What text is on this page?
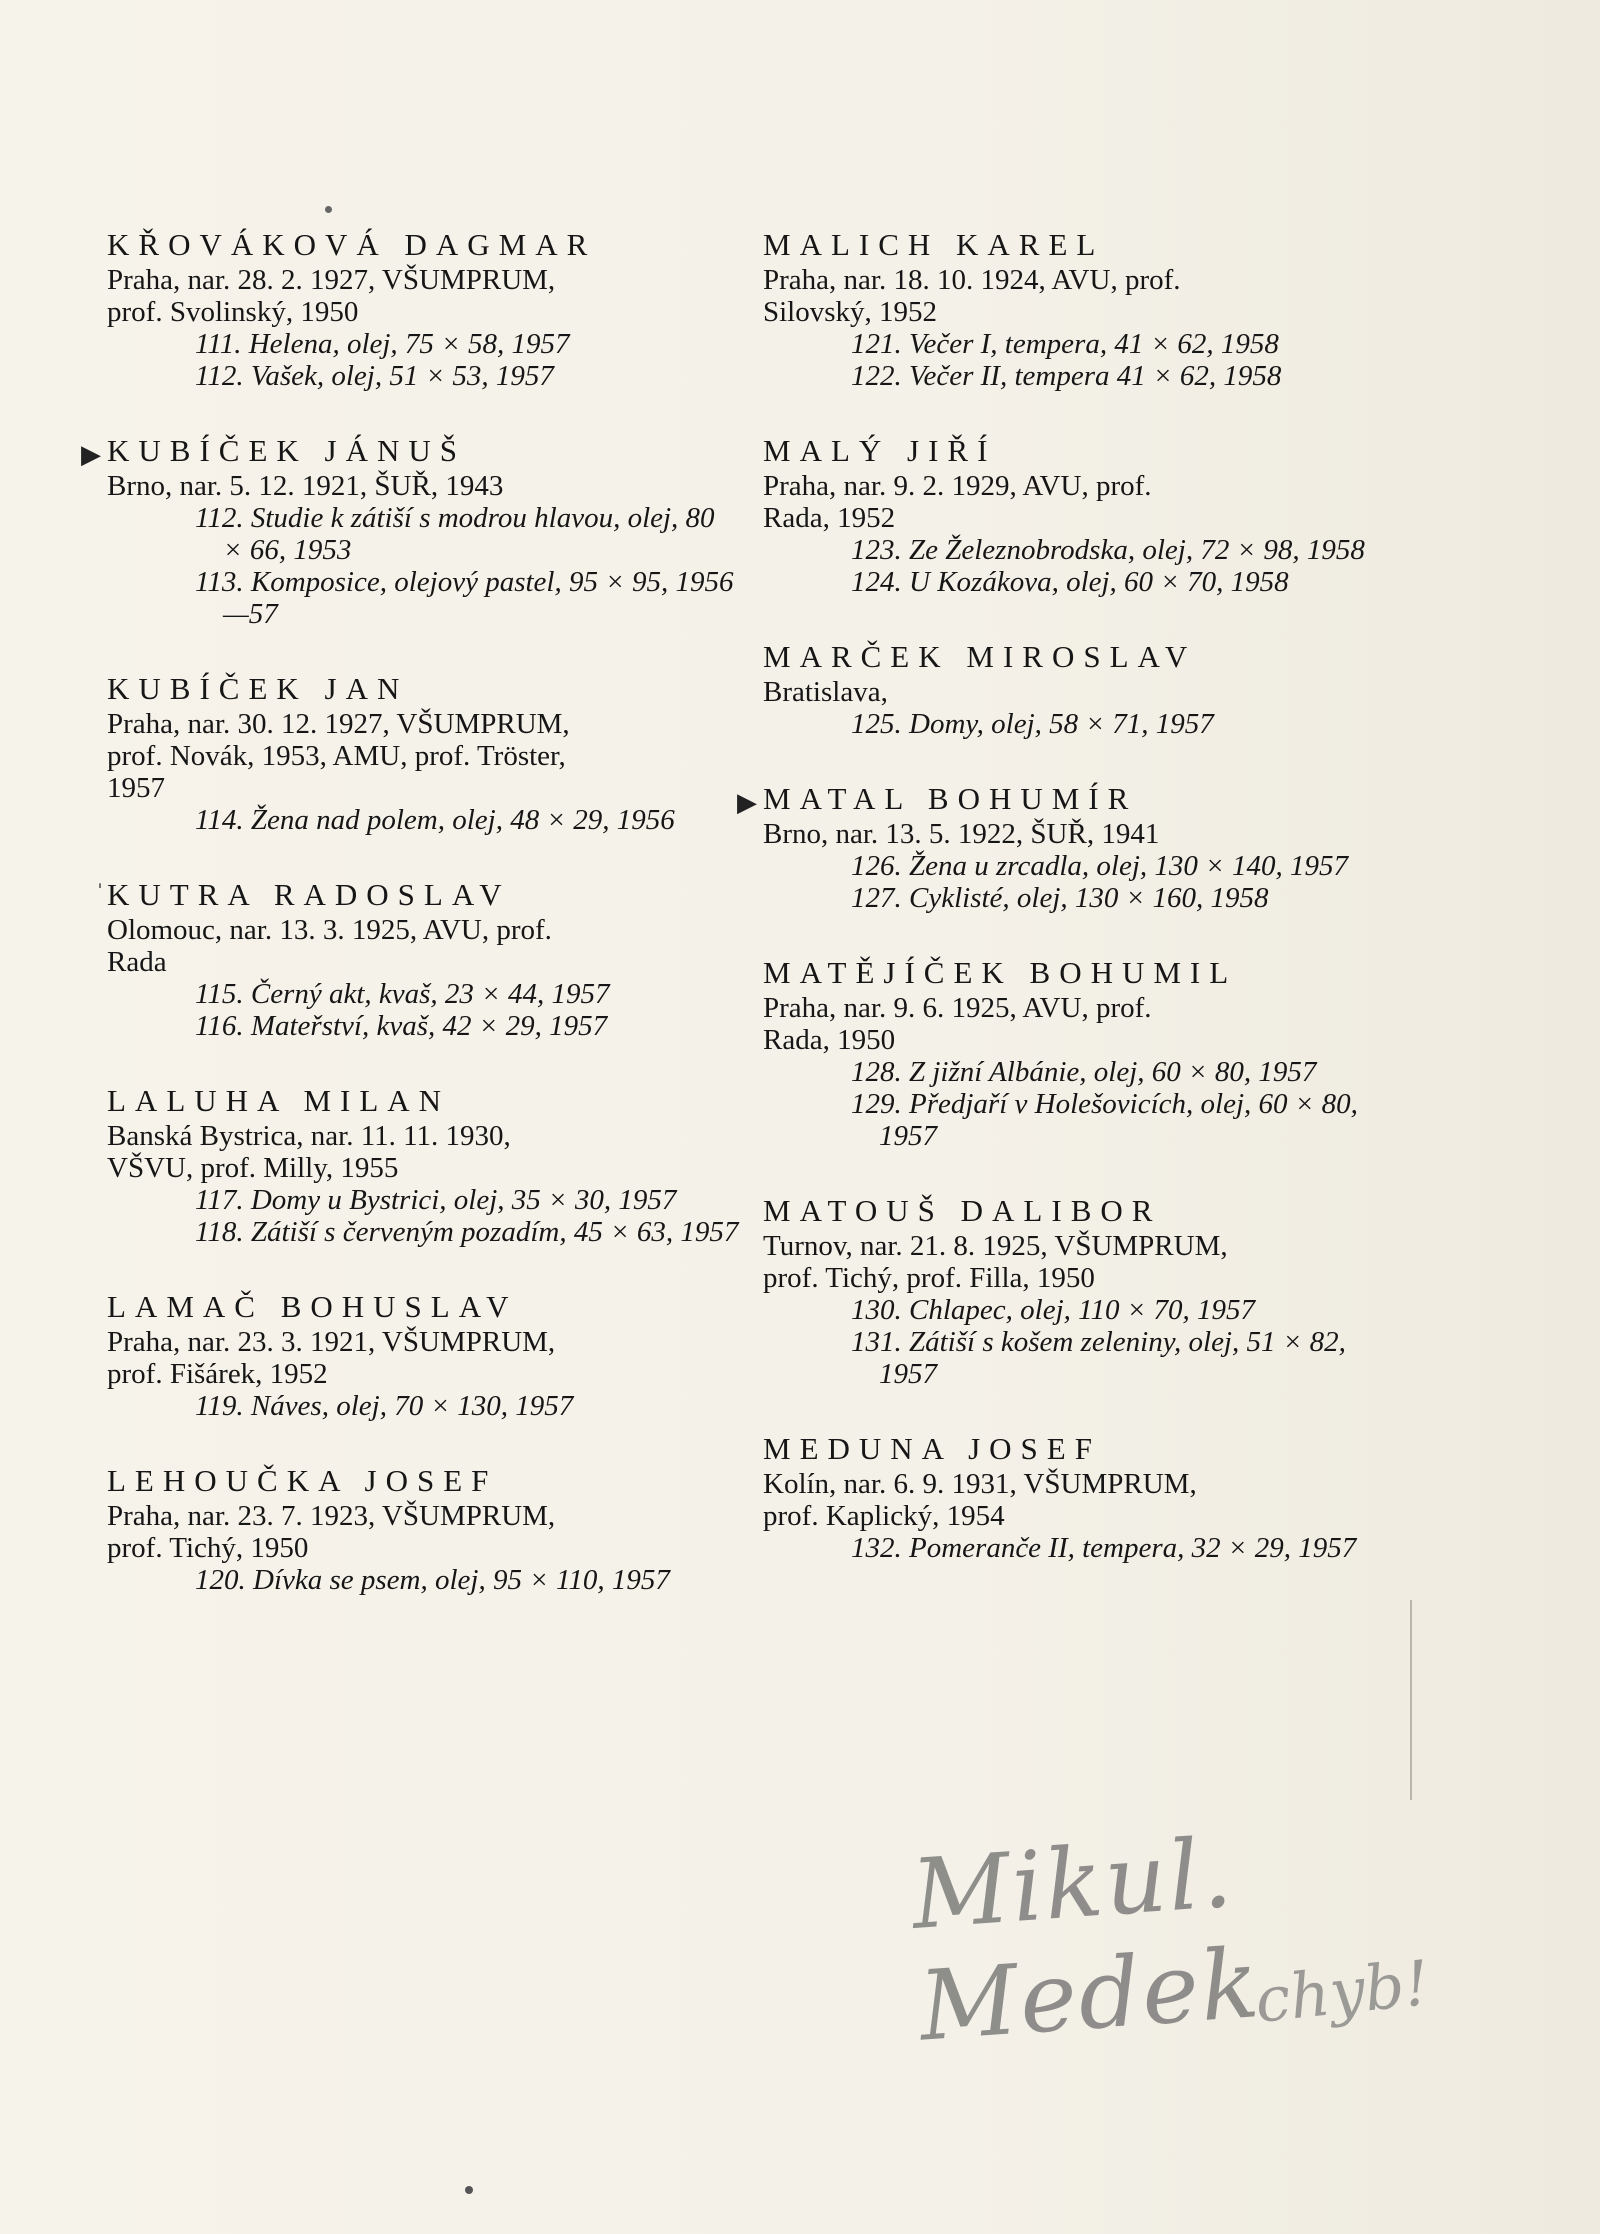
KŘOVÁKOVÁ DAGMAR
Praha, nar. 28. 2. 1927, VŠUMPRUM,
prof. Svolinský, 1950
111. Helena, olej, 75 × 58, 1957
112. Vašek, olej, 51 × 53, 1957
▶ KUBÍČEK JÁNUŠ
Brno, nar. 5. 12. 1921, ŠUŘ, 1943
112. Studie k zátiší s modrou hlavou, olej, 80 × 66, 1953
113. Komposice, olejový pastel, 95 × 95, 1956—57
KUBÍČEK JAN
Praha, nar. 30. 12. 1927, VŠUMPRUM,
prof. Novák, 1953, AMU, prof. Tröster,
1957
114. Žena nad polem, olej, 48 × 29, 1956
ˈ KUTRA RADOSLAV
Olomouc, nar. 13. 3. 1925, AVU, prof.
Rada
115. Černý akt, kvaš, 23 × 44, 1957
116. Mateřství, kvaš, 42 × 29, 1957
LALUHA MILAN
Banská Bystrica, nar. 11. 11. 1930,
VŠVU, prof. Milly, 1955
117. Domy u Bystrici, olej, 35 × 30, 1957
118. Zátiší s červeným pozadím, 45 × 63, 1957
LAMAČ BOHUSLAV
Praha, nar. 23. 3. 1921, VŠUMPRUM,
prof. Fišárek, 1952
119. Náves, olej, 70 × 130, 1957
LEHOUČKA JOSEF
Praha, nar. 23. 7. 1923, VŠUMPRUM,
prof. Tichý, 1950
120. Dívka se psem, olej, 95 × 110, 1957
MALICH KAREL
Praha, nar. 18. 10. 1924, AVU, prof.
Silovský, 1952
121. Večer I, tempera, 41 × 62, 1958
122. Večer II, tempera 41 × 62, 1958
MALÝ JIŘÍ
Praha, nar. 9. 2. 1929, AVU, prof.
Rada, 1952
123. Ze Železnobrodska, olej, 72 × 98, 1958
124. U Kozákova, olej, 60 × 70, 1958
MARČEK MIROSLAV
Bratislava,
125. Domy, olej, 58 × 71, 1957
▶ MATAL BOHUMÍR
Brno, nar. 13. 5. 1922, ŠUŘ, 1941
126. Žena u zrcadla, olej, 130 × 140, 1957
127. Cyklisté, olej, 130 × 160, 1958
MATĚJÍČEK BOHUMIL
Praha, nar. 9. 6. 1925, AVU, prof.
Rada, 1950
128. Z jižní Albánie, olej, 60 × 80, 1957
129. Předjaří v Holešovicích, olej, 60 × 80, 1957
MATOUŠ DALIBOR
Turnov, nar. 21. 8. 1925, VŠUMPRUM,
prof. Tichý, prof. Filla, 1950
130. Chlapec, olej, 110 × 70, 1957
131. Zátiší s košem zeleniny, olej, 51 × 82, 1957
MEDUNA JOSEF
Kolín, nar. 6. 9. 1931, VŠUMPRUM,
prof. Kaplický, 1954
132. Pomeranče II, tempera, 32 × 29, 1957
Mikul. Medek
chyb!
